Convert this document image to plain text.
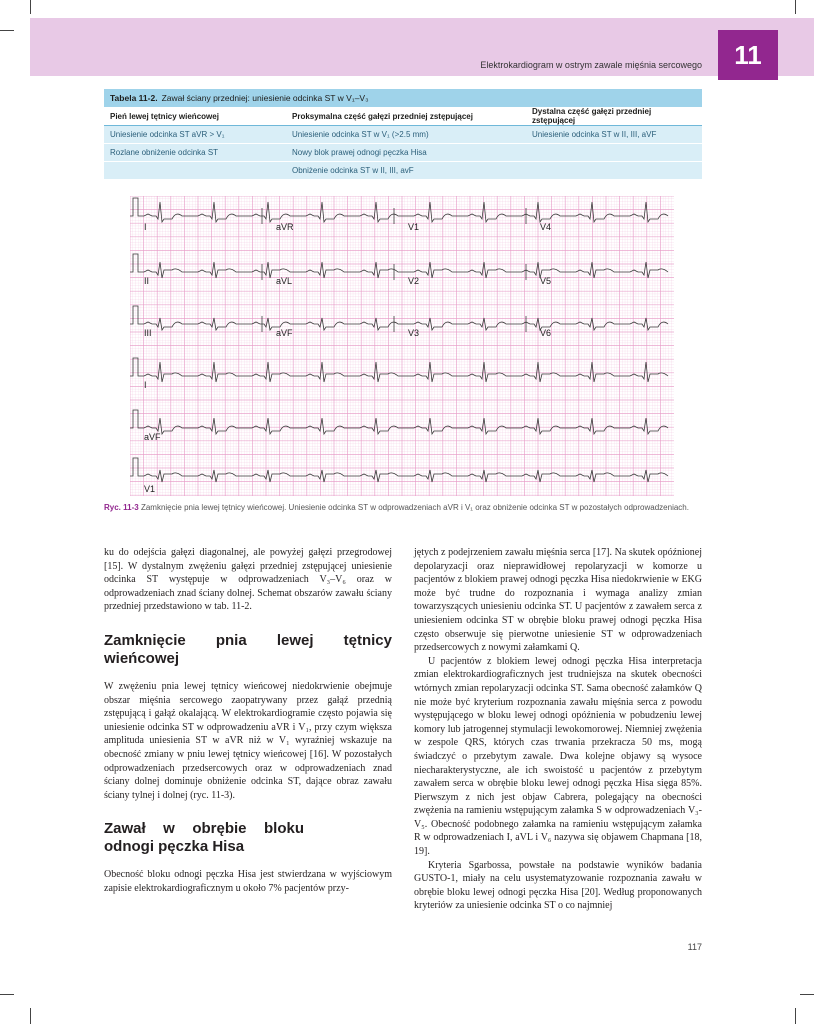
Elektrokardiogram w ostrym zawale mięśnia sercowego	11
Tabela 11-2. Zawał ściany przedniej: uniesienie odcinka ST w V₁–V₃
Pień lewej tętnicy wieńcowej	Proksymalna część gałęzi przedniej zstępującej	Dystalna część gałęzi przedniej zstępującej
Uniesienie odcinka ST aVR > V₁	Uniesienie odcinka ST w V₁ (>2.5 mm)	Uniesienie odcinka ST w II, III, aVF
Rozlane obniżenie odcinka ST	Nowy blok prawej odnogi pęczka Hisa	
	Obniżenie odcinka ST w II, III, avF	
I	aVR	V1	V4
II	aVL	V2	V5
III	aVF	V3	V6
I
aVF
V1
Ryc. 11-3 Zamknięcie pnia lewej tętnicy wieńcowej. Uniesienie odcinka ST w odprowadzeniach aVR i V₁ oraz obniżenie odcinka ST w pozostałych odprowadzeniach.

ku do odejścia gałęzi diagonalnej, ale powyżej gałęzi przegrodowej [15]. W dystalnym zwężeniu gałęzi przedniej zstępującej uniesienie odcinka ST występuje w odprowadzeniach V₃–V₆ oraz w odprowadzeniach znad ściany dolnej. Schemat obszarów zawału ściany przedniej przedstawiono w tab. 11-2.

Zamknięcie pnia lewej tętnicy wieńcowej

W zwężeniu pnia lewej tętnicy wieńcowej niedokrwienie obejmuje obszar mięśnia sercowego zaopatrywany przez gałąź przednią zstępującą i gałąź okalającą. W elektrokardiogramie często pojawia się uniesienie odcinka ST w odprowadzeniu aVR i V₁, przy czym większa amplituda uniesienia ST w aVR niż w V₁ wyraźniej wskazuje na obecność zmiany w pniu lewej tętnicy wieńcowej [16]. W pozostałych odprowadzeniach przedsercowych oraz w odprowadzeniach znad ściany dolnej dominuje obniżenie odcinka ST, dające obraz zawału ściany tylnej i dolnej (ryc. 11-3).

Zawał w obrębie bloku odnogi pęczka Hisa

Obecność bloku odnogi pęczka Hisa jest stwierdzana w wyjściowym zapisie elektrokardiograficznym u około 7% pacjentów przy-

jętych z podejrzeniem zawału mięśnia serca [17]. Na skutek opóźnionej depolaryzacji oraz nieprawidłowej repolaryzacji w komorze u pacjentów z blokiem prawej odnogi pęczka Hisa niedokrwienie w EKG może być trudne do rozpoznania i wymaga analizy zmian towarzyszących uniesieniu odcinka ST. U pacjentów z zawałem serca z uniesieniem odcinka ST w obrębie bloku prawej odnogi pęczka Hisa często obserwuje się pierwotne uniesienie ST w odprowadzeniach przedsercowych z nowymi załamkami Q.

U pacjentów z blokiem lewej odnogi pęczka Hisa interpretacja zmian elektrokardiograficznych jest trudniejsza na skutek obecności wtórnych zmian repolaryzacji odcinka ST. Sama obecność załamków Q nie może być kryterium rozpoznania zawału mięśnia serca z powodu występującego w bloku lewej odnogi opóźnienia w pobudzeniu lewej komory lub jatrogennej stymulacji lewokomorowej. Niemniej zwężenia w zespole QRS, których czas trwania przekracza 50 ms, mogą świadczyć o przebytym zawale. Dwa kolejne objawy są wysoce niecharakterystyczne, ale ich swoistość u pacjentów z przebytym zawałem serca w obrębie bloku lewej odnogi pęczka Hisa sięga 85%. Pierwszym z nich jest objaw Cabrera, polegający na obecności zwężenia na ramieniu wstępującym załamka S w odprowadzeniach V₃-V₅. Obecność podobnego załamka na ramieniu wstępującym załamka R w odprowadzeniach I, aVL i V₆ nazywa się objawem Chapmana [18, 19].

Kryteria Sgarbossa, powstałe na podstawie wyników badania GUSTO-1, miały na celu usystematyzowanie rozpoznania zawału w obrębie bloku lewej odnogi pęczka Hisa [20]. Według proponowanych kryteriów za uniesienie odcinka ST o co najmniej

117
